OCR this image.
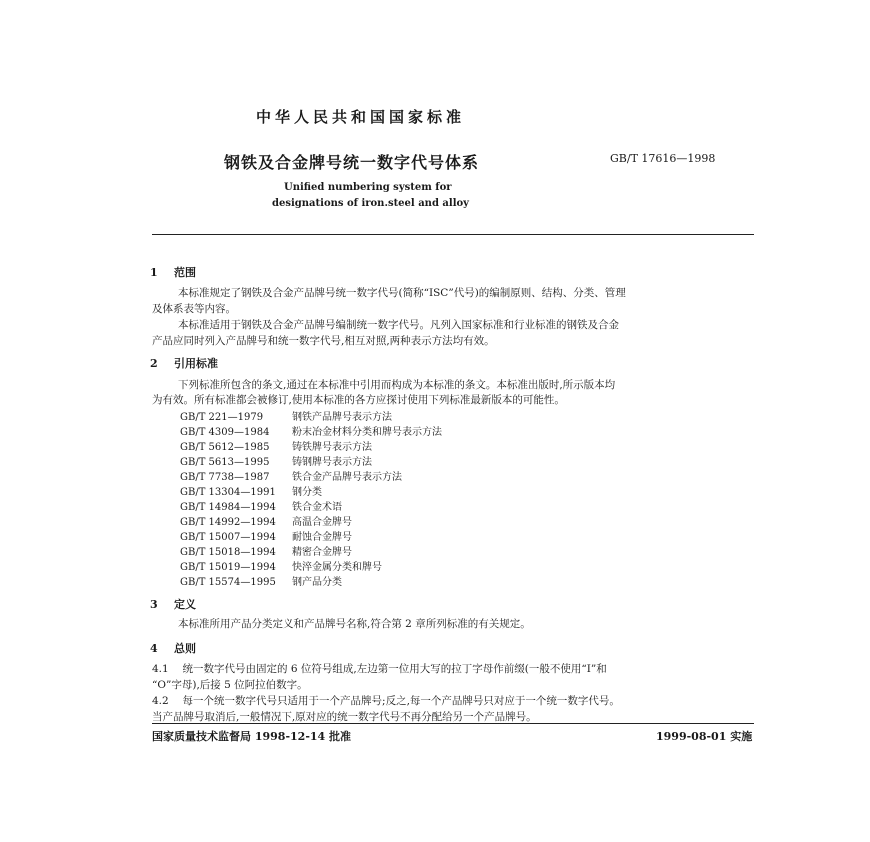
中华人民共和国国家标准
钢铁及合金牌号统一数字代号体系	GB/T 17616—1998
Unified numbering system for
designations of iron.steel and alloy
1 范围
本标准规定了钢铁及合金产品牌号统一数字代号(简称“ISC”代号)的编制原则、结构、分类、管理
及体系表等内容。
本标准适用于钢铁及合金产品牌号编制统一数字代号。凡列入国家标准和行业标准的钢铁及合金
产品应同时列入产品牌号和统一数字代号,相互对照,两种表示方法均有效。
2 引用标准
下列标准所包含的条文,通过在本标准中引用而构成为本标准的条文。本标准出版时,所示版本均
为有效。所有标准都会被修订,使用本标准的各方应探讨使用下列标准最新版本的可能性。
GB/T 221—1979	钢铁产品牌号表示方法
GB/T 4309—1984 粉末冶金材料分类和牌号表示方法
GB/T 5612—1985 铸铁牌号表示方法
GB/T 5613—1995 铸钢牌号表示方法
GB/T 7738—1987 铁合金产品牌号表示方法
GB/T 13304—1991 钢分类
GB/T 14984—1994 铁合金术语
GB/T 14992—1994 高温合金牌号
GB/T 15007—1994 耐蚀合金牌号
GB/T 15018—1994 精密合金牌号
GB/T 15019—1994 快淬金属分类和牌号
GB/T 15574—1995 钢产品分类
3 定义
本标准所用产品分类定义和产品牌号名称,符合第 2 章所列标准的有关规定。
4 总则
4.1　 统一数字代号由固定的 6 位符号组成,左边第一位用大写的拉丁字母作前缀(一般不使用“I”和
“O”字母),后接 5 位阿拉伯数字。
4.2　 每一个统一数字代号只适用于一个产品牌号;反之,每一个产品牌号只对应于一个统一数字代号。
当产品牌号取消后,一般情况下,原对应的统一数字代号不再分配给另一个产品牌号。
国家质量技术监督局 1998-12-14 批准	1999-08-01 实施
